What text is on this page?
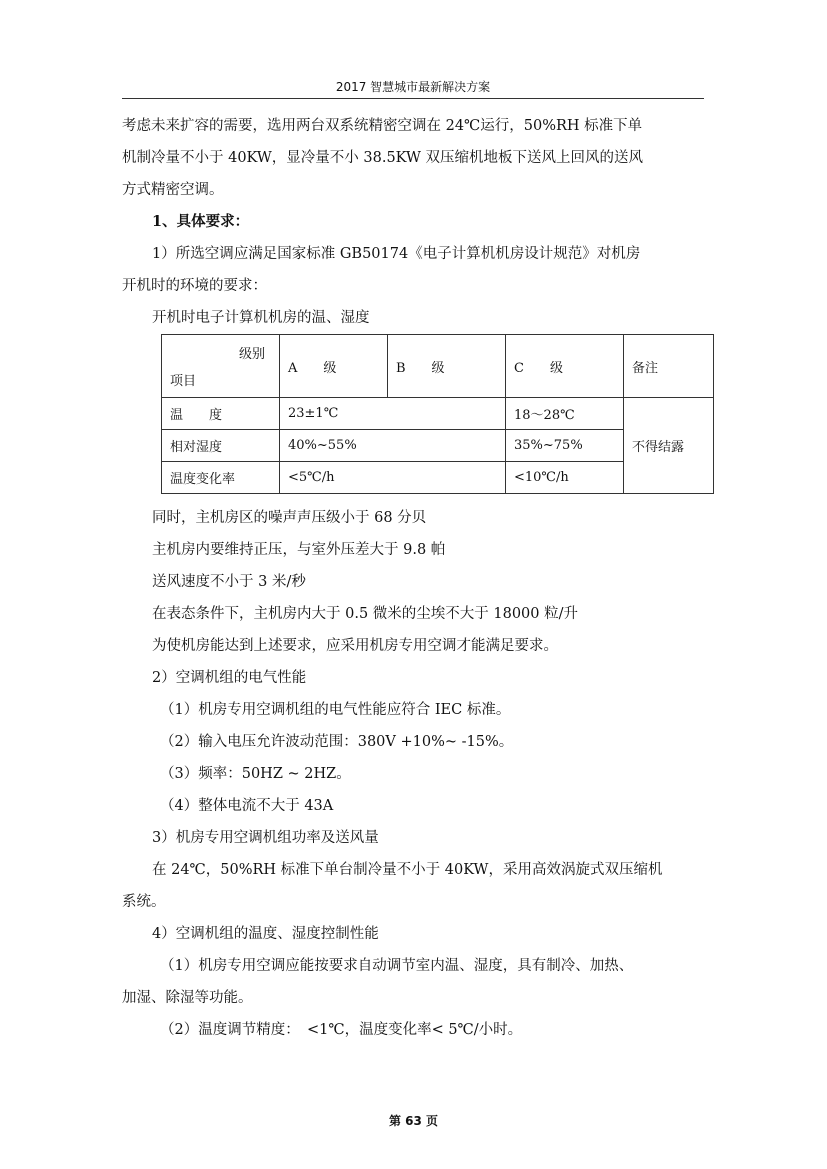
2017 智慧城市最新解决方案

考虑未来扩容的需要，选用两台双系统精密空调在 24℃运行，50%RH 标准下单

机制冷量不小于 40KW，显冷量不小 38.5KW 双压缩机地板下送风上回风的送风

方式精密空调。

1、具体要求：

1）所选空调应满足国家标准 GB50174《电子计算机机房设计规范》对机房

开机时的环境的要求：

开机时电子计算机机房的温、湿度

级别
项目	A　　级	B　　级	C　　级	备注
温　　度	23±1℃		18～28℃	不得结露
相对湿度	40%~55%		35%~75%	
温度变化率	<5℃/h		<10℃/h	

同时，主机房区的噪声声压级小于 68 分贝

主机房内要维持正压，与室外压差大于 9.8 帕

送风速度不小于 3 米/秒

在表态条件下，主机房内大于 0.5 微米的尘埃不大于 18000 粒/升

为使机房能达到上述要求，应采用机房专用空调才能满足要求。

2）空调机组的电气性能

（1）机房专用空调机组的电气性能应符合 IEC 标准。

（2）输入电压允许波动范围：380V +10%~ -15%。

（3）频率：50HZ ~ 2HZ。

（4）整体电流不大于 43A

3）机房专用空调机组功率及送风量

在 24℃，50%RH 标准下单台制冷量不小于 40KW，采用高效涡旋式双压缩机

系统。

4）空调机组的温度、湿度控制性能

（1）机房专用空调应能按要求自动调节室内温、湿度，具有制冷、加热、

加湿、除湿等功能。

（2）温度调节精度：　<1℃，温度变化率< 5℃/小时。

第 63 页
